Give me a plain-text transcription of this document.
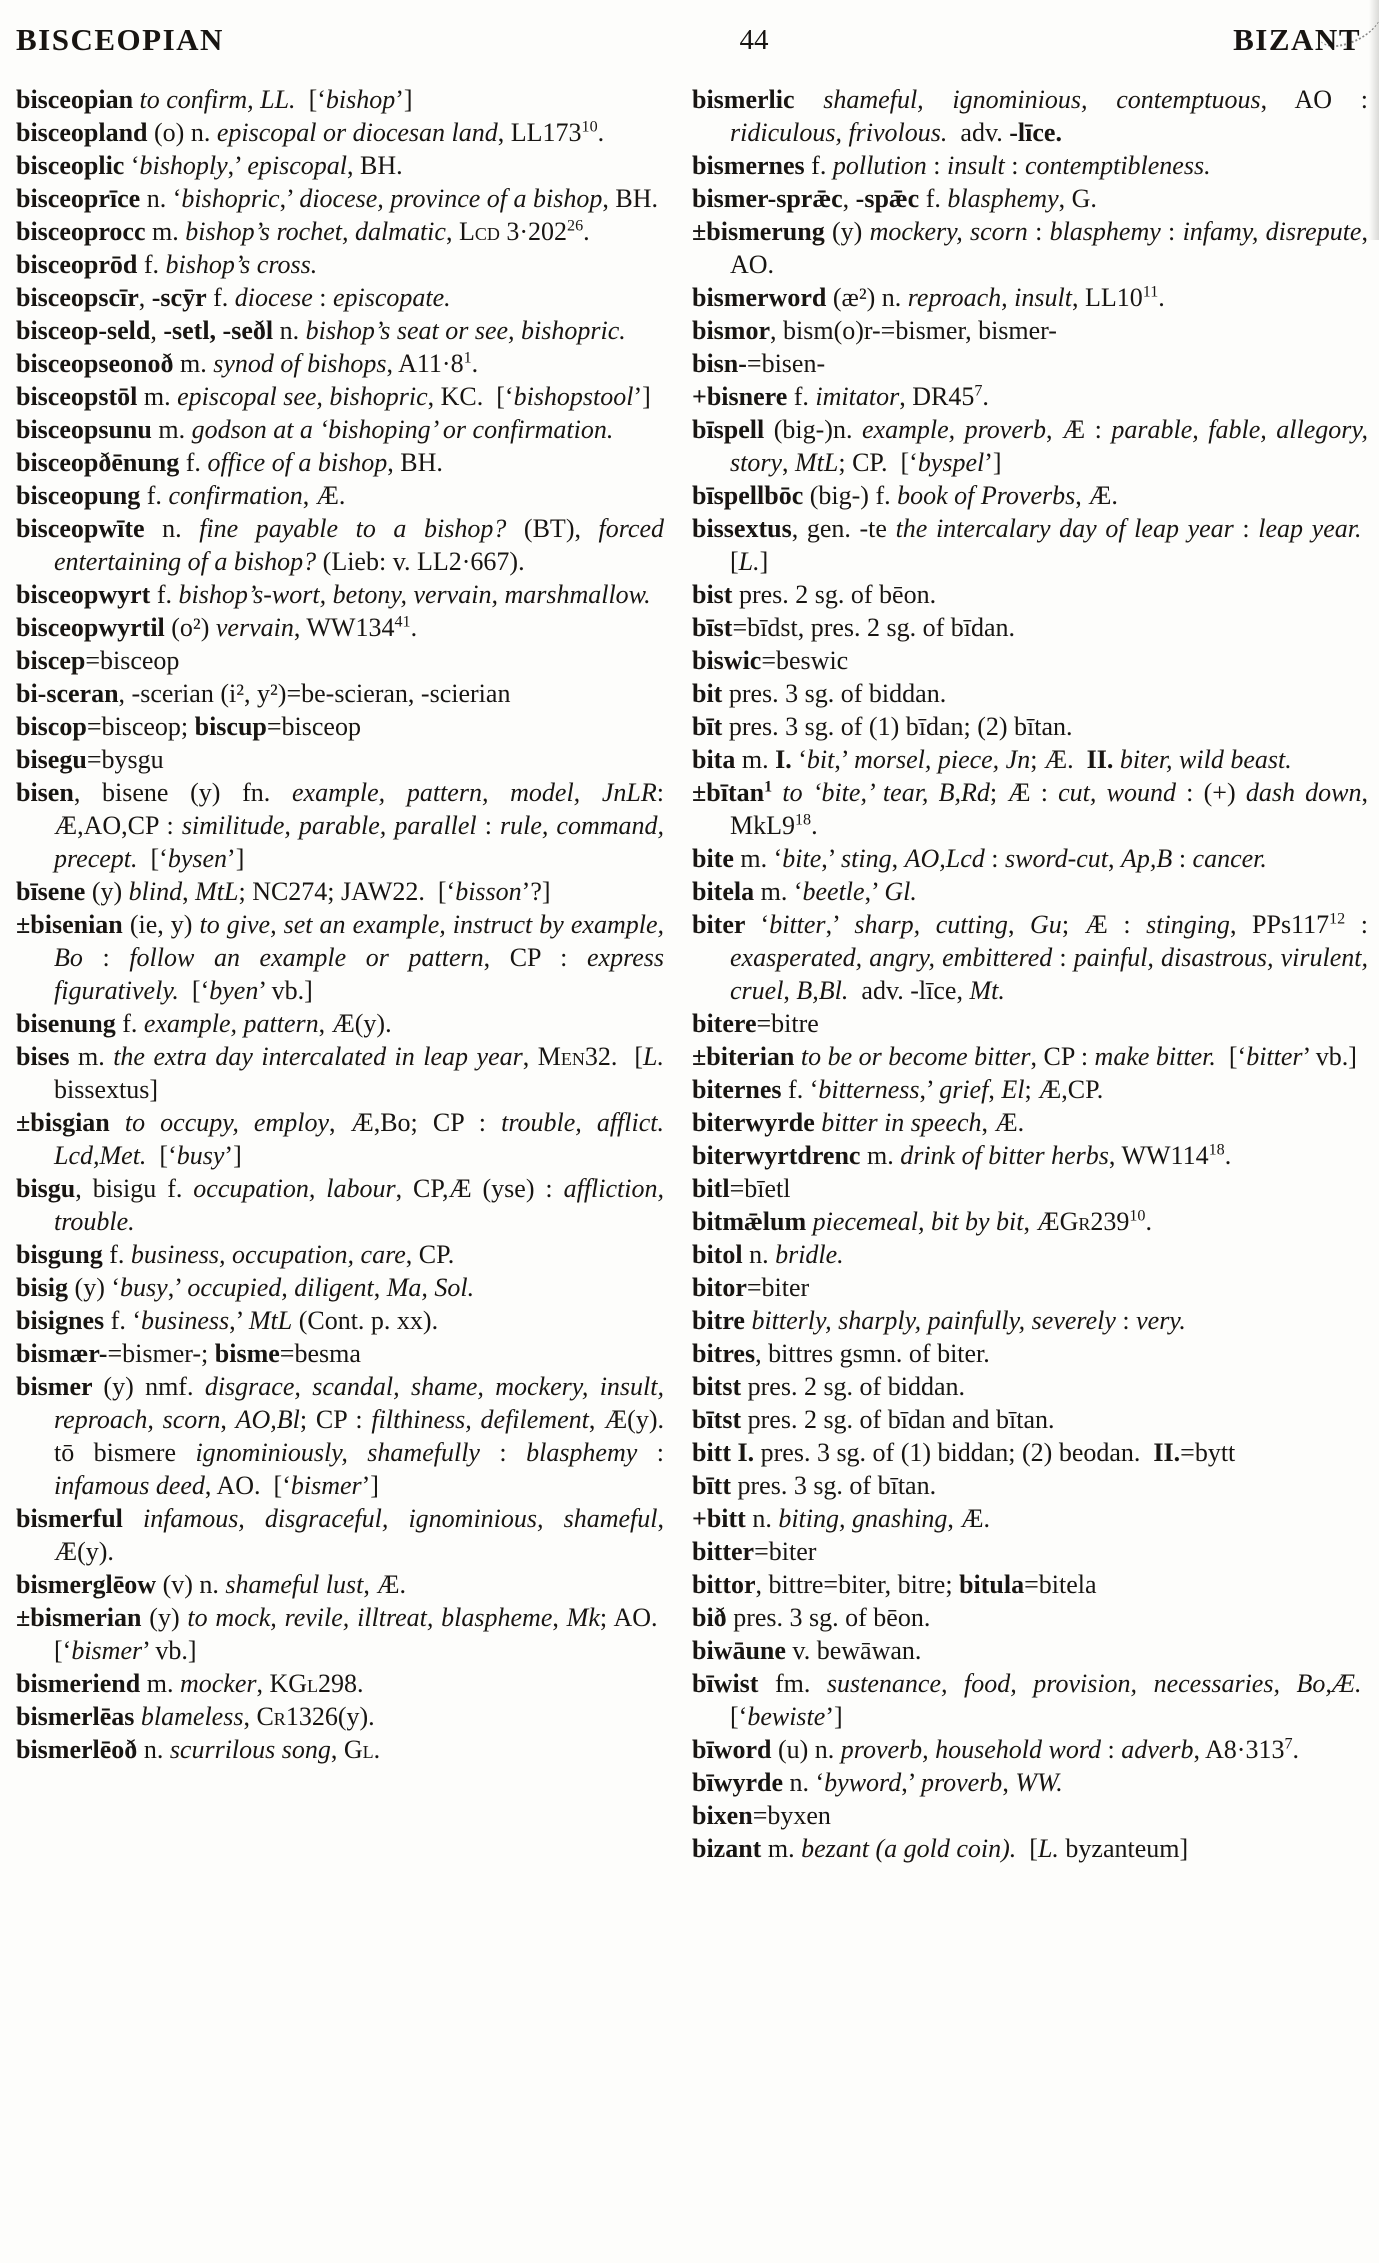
BISCEOPIAN	44	BIZANT

bisceopian to confirm, LL.  [‘bishop’]

bisceopland (o) n. episcopal or diocesan land, $LL173^{10}$.

bisceoplic ‘bishoply,’ episcopal, BH.

bisceoprīce n. ‘bishopric,’ diocese, province of a bishop, BH.

bisceoprocc m. bishop’s rochet, dalmatic, Lcd $3\cdot 202^{26}$.

bisceoprōd f. bishop’s cross.

bisceopscīr, -scȳr f. diocese : episcopate.

bisceop-seld, -setl, -seðl n. bishop’s seat or see, bishopric.

bisceopseonoð m. synod of bishops, $A11\cdot 8^1$.

bisceopstōl m. episcopal see, bishopric, KC.  [‘bishopstool’]

bisceopsunu m. godson at a ‘bishoping’ or confirmation.

bisceopðēnung f. office of a bishop, BH.

bisceopung f. confirmation, Æ.

bisceopwīte n. fine payable to a bishop? (BT), forced entertaining of a bishop? (Lieb: v. LL2·667).

bisceopwyrt f. bishop’s-wort, betony, vervain, marshmallow.

bisceopwyrtil (o²) vervain, $WW134^{41}$.

biscep=bisceop

bi-sceran, -scerian (i², y²)=be-scieran, -scierian

biscop=bisceop; biscup=bisceop

bisegu=bysgu

bisen, bisene (y) fn. example, pattern, model, JnLR: Æ,AO,CP : similitude, parable, parallel : rule, command, precept.  [‘bysen’]

bīsene (y) blind, MtL; NC274; JAW22.  [‘bisson’?]

±bisenian (ie, y) to give, set an example, instruct by example, Bo : follow an example or pattern, CP : express figuratively.  [‘byen’ vb.]

bisenung f. example, pattern, Æ(y).

bises m. the extra day intercalated in leap year, Men32.  [L. bissextus]

±bisgian to occupy, employ, Æ,Bo; CP : trouble, afflict. Lcd,Met.  [‘busy’]

bisgu, bisigu f. occupation, labour, CP,Æ (yse) : affliction, trouble.

bisgung f. business, occupation, care, CP.

bisig (y) ‘busy,’ occupied, diligent, Ma, Sol.

bisignes f. ‘business,’ MtL (Cont. p. xx).

bismær-=bismer-; bisme=besma

bismer (y) nmf. disgrace, scandal, shame, mockery, insult, reproach, scorn, AO,Bl; CP : filthiness, defilement, Æ(y). tō bismere ignominiously, shamefully : blasphemy : infamous deed, AO.  [‘bismer’]

bismerful infamous, disgraceful, ignominious, shameful, Æ(y).

bismerglēow (v) n. shameful lust, Æ.

±bismerian (y) to mock, revile, illtreat, blaspheme, Mk; AO.  [‘bismer’ vb.]

bismeriend m. mocker, KGl298.

bismerlēas blameless, Cr1326(y).

bismerlēoð n. scurrilous song, Gl.

bismerlic shameful, ignominious, contemptuous, AO : ridiculous, frivolous.  adv. -līce.

bismernes f. pollution : insult : contemptibleness.

bismer-sprǣc, -spǣc f. blasphemy, G.

±bismerung (y) mockery, scorn : blasphemy : infamy, disrepute, AO.

bismerword (æ²) n. reproach, insult, $LL10^{11}$.

bismor, bism(o)r-=bismer, bismer-

bisn-=bisen-

+bisnere f. imitator, $DR45^7$.

bīspell (big-)n. example, proverb, Æ : parable, fable, allegory, story, MtL; CP.  [‘byspel’]

bīspellbōc (big-) f. book of Proverbs, Æ.

bissextus, gen. -te the intercalary day of leap year : leap year.  [L.]

bist pres. 2 sg. of bēon.

bīst=bīdst, pres. 2 sg. of bīdan.

biswic=beswic

bit pres. 3 sg. of biddan.

bīt pres. 3 sg. of (1) bīdan; (2) bītan.

bita m. I. ‘bit,’ morsel, piece, Jn; Æ.  II. biter, wild beast.

±bītan$^1$ to ‘bite,’ tear, B,Rd; Æ : cut, wound : (+) dash down, $MkL9^{18}$.

bite m. ‘bite,’ sting, AO,Lcd : sword-cut, Ap,B : cancer.

bitela m. ‘beetle,’ Gl.

biter ‘bitter,’ sharp, cutting, Gu; Æ : stinging, $PPs117^{12}$ : exasperated, angry, embittered : painful, disastrous, virulent, cruel, B,Bl.  adv. -līce, Mt.

bitere=bitre

±biterian to be or become bitter, CP : make bitter.  [‘bitter’ vb.]

biternes f. ‘bitterness,’ grief, El; Æ,CP.

biterwyrde bitter in speech, Æ.

biterwyrtdrenc m. drink of bitter herbs, $WW114^{18}$.

bitl=bīetl

bitmǣlum piecemeal, bit by bit, $ÆGr239^{10}$.

bitol n. bridle.

bitor=biter

bitre bitterly, sharply, painfully, severely : very.

bitres, bittres gsmn. of biter.

bitst pres. 2 sg. of biddan.

bītst pres. 2 sg. of bīdan and bītan.

bitt I. pres. 3 sg. of (1) biddan; (2) beodan.  II.=bytt

bītt pres. 3 sg. of bītan.

+bitt n. biting, gnashing, Æ.

bitter=biter

bittor, bittre=biter, bitre; bitula=bitela

bið pres. 3 sg. of bēon.

biwāune v. bewāwan.

bīwist fm. sustenance, food, provision, necessaries, Bo,Æ.  [‘bewiste’]

bīword (u) n. proverb, household word : adverb, $A8\cdot 313^7$.

bīwyrde n. ‘byword,’ proverb, WW.

bixen=byxen

bizant m. bezant (a gold coin).  [L. byzanteum]
